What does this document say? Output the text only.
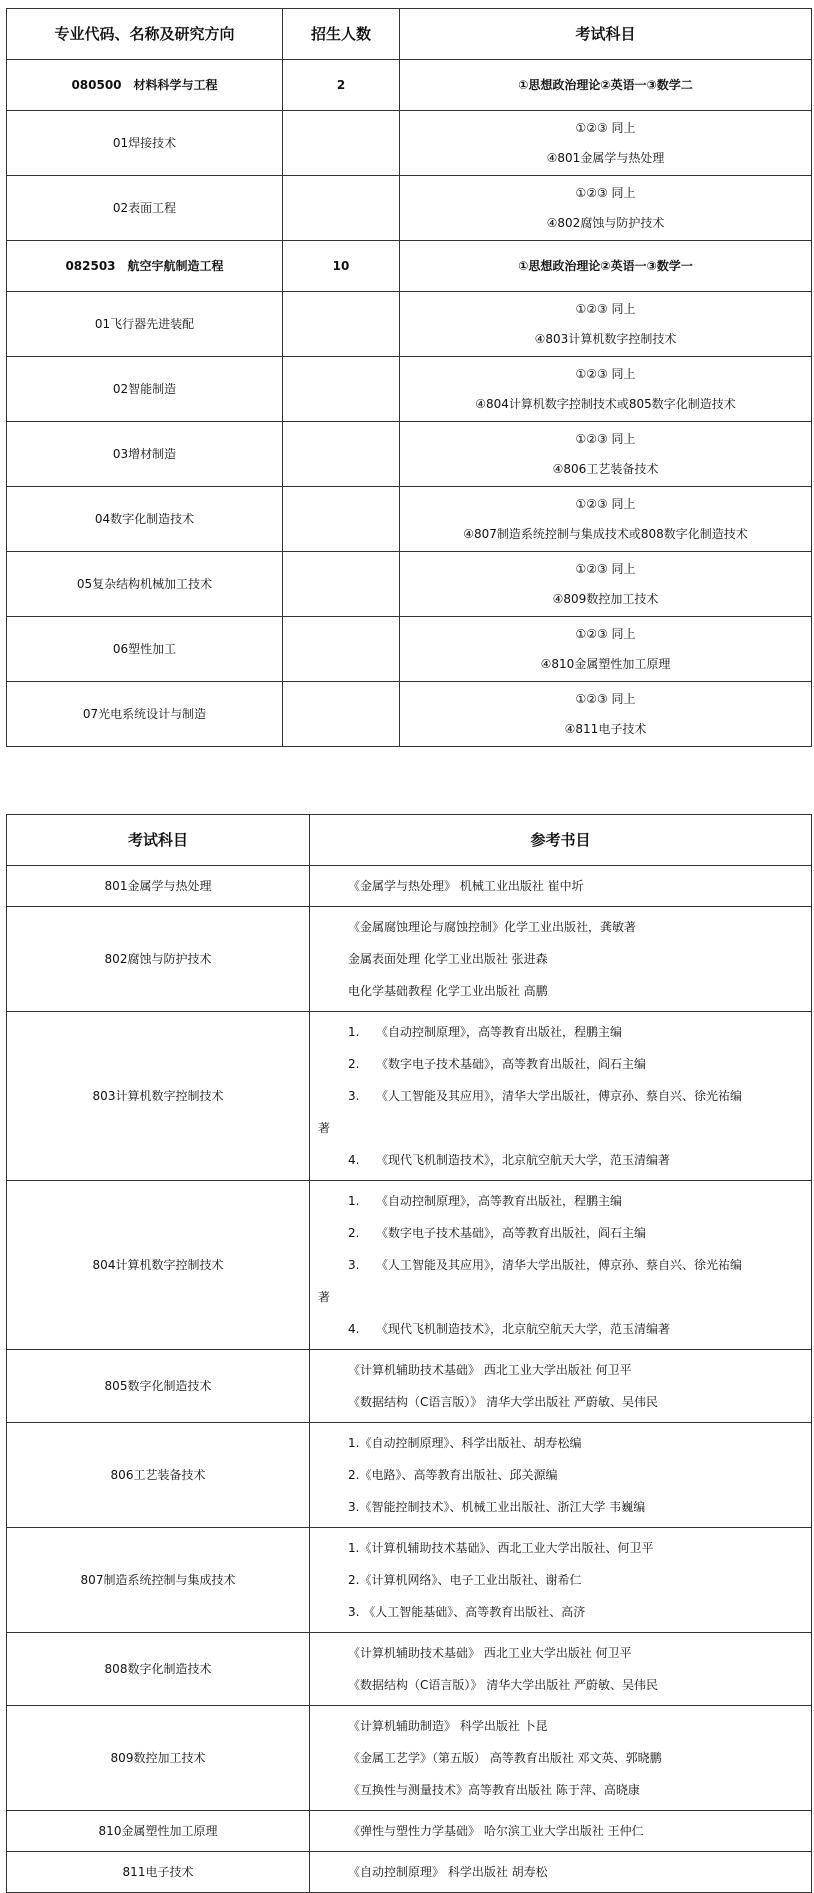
专业代码、名称及研究方向	招生人数	考试科目
080500　材料科学与工程	2	①思想政治理论②英语一③数学二

01焊接技术		①②③ 同上
④801金属学与热处理

02表面工程		①②③ 同上
④802腐蚀与防护技术

082503　航空宇航制造工程	10	①思想政治理论②英语一③数学一

01飞行器先进装配		①②③ 同上
④803计算机数字控制技术

02智能制造		①②③ 同上
④804计算机数字控制技术或805数字化制造技术

03增材制造		①②③ 同上
④806工艺装备技术

04数字化制造技术		①②③ 同上
④807制造系统控制与集成技术或808数字化制造技术

05复杂结构机械加工技术		①②③ 同上
④809数控加工技术

06塑性加工		①②③ 同上
④810金属塑性加工原理

07光电系统设计与制造		①②③ 同上
④811电子技术
考试科目	参考书目
801金属学与热处理	《金属学与热处理》 机械工业出版社 崔中圻

802腐蚀与防护技术	《金属腐蚀理论与腐蚀控制》化学工业出版社，龚敏著
金属表面处理 化学工业出版社 张进森
电化学基础教程 化学工业出版社 高鹏

803计算机数字控制技术	1. 《自动控制原理》，高等教育出版社，程鹏主编
2. 《数字电子技术基础》，高等教育出版社，阎石主编
3. 《人工智能及其应用》，清华大学出版社，傅京孙、蔡自兴、徐光祐编
著
4. 《现代飞机制造技术》，北京航空航天大学，范玉清编著

804计算机数字控制技术	1. 《自动控制原理》，高等教育出版社，程鹏主编
2. 《数字电子技术基础》，高等教育出版社，阎石主编
3. 《人工智能及其应用》，清华大学出版社，傅京孙、蔡自兴、徐光祐编
著
4. 《现代飞机制造技术》，北京航空航天大学，范玉清编著

805数字化制造技术	《计算机辅助技术基础》 西北工业大学出版社 何卫平
《数据结构（C语言版）》 清华大学出版社 严蔚敏、吴伟民

806工艺装备技术	1.《自动控制原理》、科学出版社、胡寿松编
2.《电路》、高等教育出版社、邱关源编
3.《智能控制技术》、机械工业出版社、浙江大学 韦巍编

807制造系统控制与集成技术	1.《计算机辅助技术基础》、西北工业大学出版社、何卫平
2.《计算机网络》、电子工业出版社、谢希仁
3. 《人工智能基础》、高等教育出版社、高济

808数字化制造技术	《计算机辅助技术基础》 西北工业大学出版社 何卫平
《数据结构（C语言版）》 清华大学出版社 严蔚敏、吴伟民

809数控加工技术	《计算机辅助制造》 科学出版社 卜昆
《金属工艺学》（第五版） 高等教育出版社 邓文英、郭晓鹏
《互换性与测量技术》高等教育出版社 陈于萍、高晓康

810金属塑性加工原理	《弹性与塑性力学基础》 哈尔滨工业大学出版社 王仲仁

811电子技术	《自动控制原理》 科学出版社 胡寿松
